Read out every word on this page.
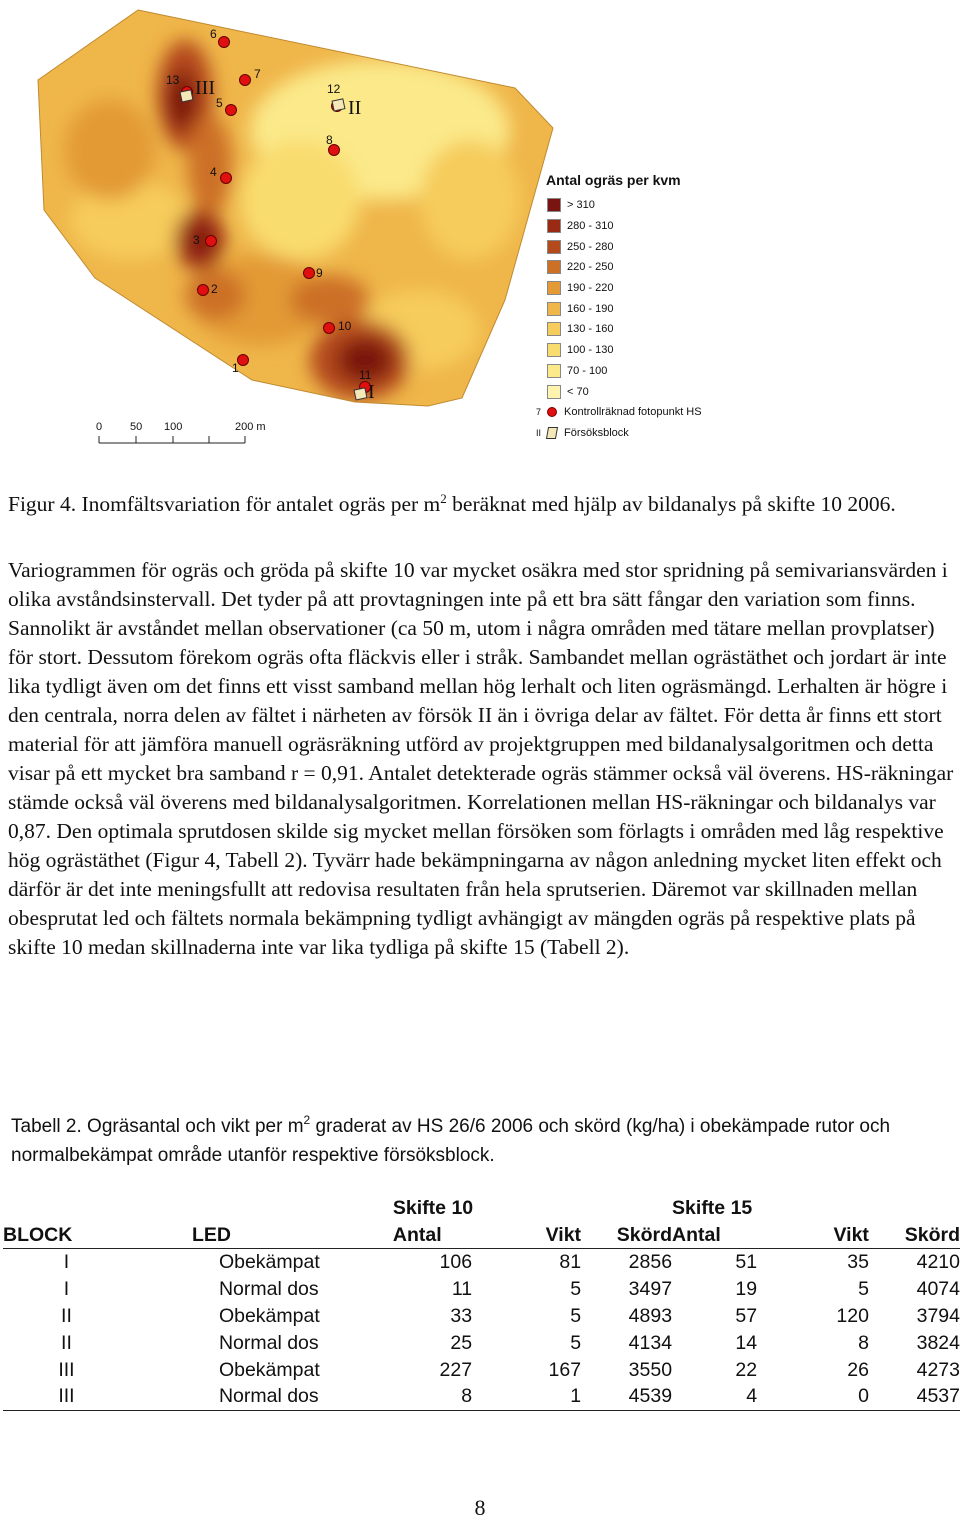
1
2
3
4
5
6
7
8
9
10
11
12
13
I
II
III
0	50 100	200 m
Antal ogräs per kvm
> 310
280 - 310
250 - 280
220 - 250
190 - 220
160 - 190
130 - 160
100 - 130
70 - 100
< 70
7	Kontrollräknad fotopunkt HS
II	Försöksblock
Figur 4. Inomfältsvariation för antalet ogräs per $m^2$ beräknat med hjälp av bildanalys på skifte 10 2006.
Variogrammen för ogräs och gröda på skifte 10 var mycket osäkra med stor spridning på semivariansvärden i olika avståndsinstervall. Det tyder på att provtagningen inte på ett bra sätt fångar den variation som finns. Sannolikt är avståndet mellan observationer (ca 50 m, utom i några områden med tätare mellan provplatser) för stort. Dessutom förekom ogräs ofta fläckvis eller i stråk. Sambandet mellan ogrästäthet och jordart är inte lika tydligt även om det finns ett visst samband mellan hög lerhalt och liten ogräsmängd. Lerhalten är högre i den centrala, norra delen av fältet i närheten av försök II än i övriga delar av fältet. För detta år finns ett stort material för att jämföra manuell ogräsräkning utförd av projektgruppen med bildanalysalgoritmen och detta visar på ett mycket bra samband r = 0,91. Antalet detekterade ogräs stämmer också väl överens. HS-räkningar stämde också väl överens med bildanalysalgoritmen. Korrelationen mellan HS-räkningar och bildanalys var 0,87. Den optimala sprutdosen skilde sig mycket mellan försöken som förlagts i områden med låg respektive hög ogrästäthet (Figur 4, Tabell 2). Tyvärr hade bekämpningarna av någon anledning mycket liten effekt och därför är det inte meningsfullt att redovisa resultaten från hela sprutserien. Däremot var skillnaden mellan obesprutat led och fältets normala bekämpning tydligt avhängigt av mängden ogräs på respektive plats på skifte 10 medan skillnaderna inte var lika tydliga på skifte 15 (Tabell 2).
Tabell 2. Ogräsantal och vikt per $m^2$ graderat av HS 26/6 2006 och skörd (kg/ha) i obekämpade rutor och normalbekämpat område utanför respektive försöksblock.
		Skifte 10			Skifte 15		
BLOCK	LED	Antal	Vikt	Skörd	Antal	Vikt	Skörd
I	Obekämpat	106	81	2856	51	35	4210
I	Normal dos	11	5	3497	19	5	4074
II	Obekämpat	33	5	4893	57	120	3794
II	Normal dos	25	5	4134	14	8	3824
III	Obekämpat	227	167	3550	22	26	4273
III	Normal dos	8	1	4539	4	0	4537
8
